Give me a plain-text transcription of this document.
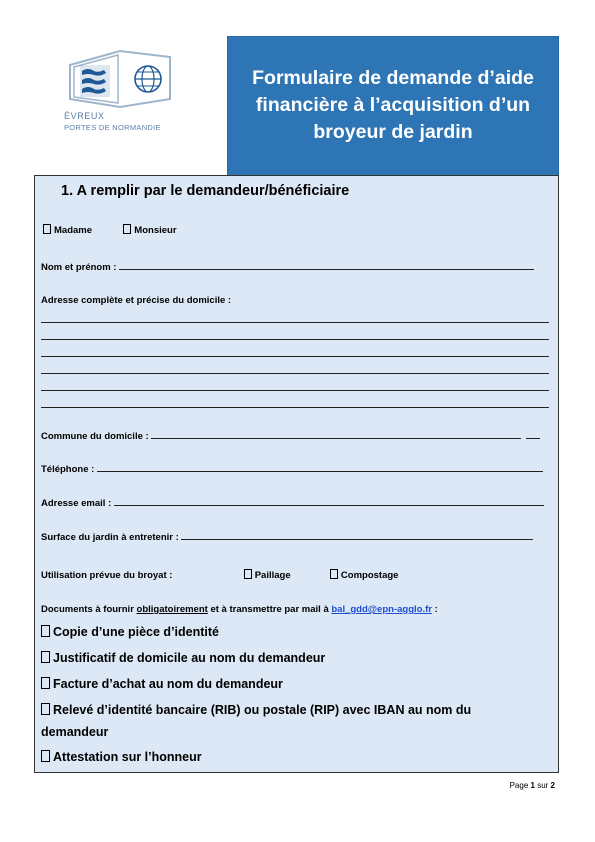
ÉVREUX
PORTES DE NORMANDIE
Formulaire de demande d’aide financière à l’acquisition d’un broyeur de jardin
1. A remplir par le demandeur/bénéficiaire
Madame	Monsieur
Nom et prénom :
Adresse complète et précise du domicile :
Commune du domicile :
Téléphone :
Adresse email :
Surface du jardin à entretenir :
Utilisation prévue du broyat :	Paillage	Compostage
Documents à fournir obligatoirement et à transmettre par mail à bal_gdd@epn-agglo.fr :
Copie d’une pièce d’identité
Justificatif de domicile au nom du demandeur
Facture d’achat au nom du demandeur
Relevé d’identité bancaire (RIB) ou postale (RIP) avec IBAN au nom du
demandeur
Attestation sur l’honneur
Page 1 sur 2
